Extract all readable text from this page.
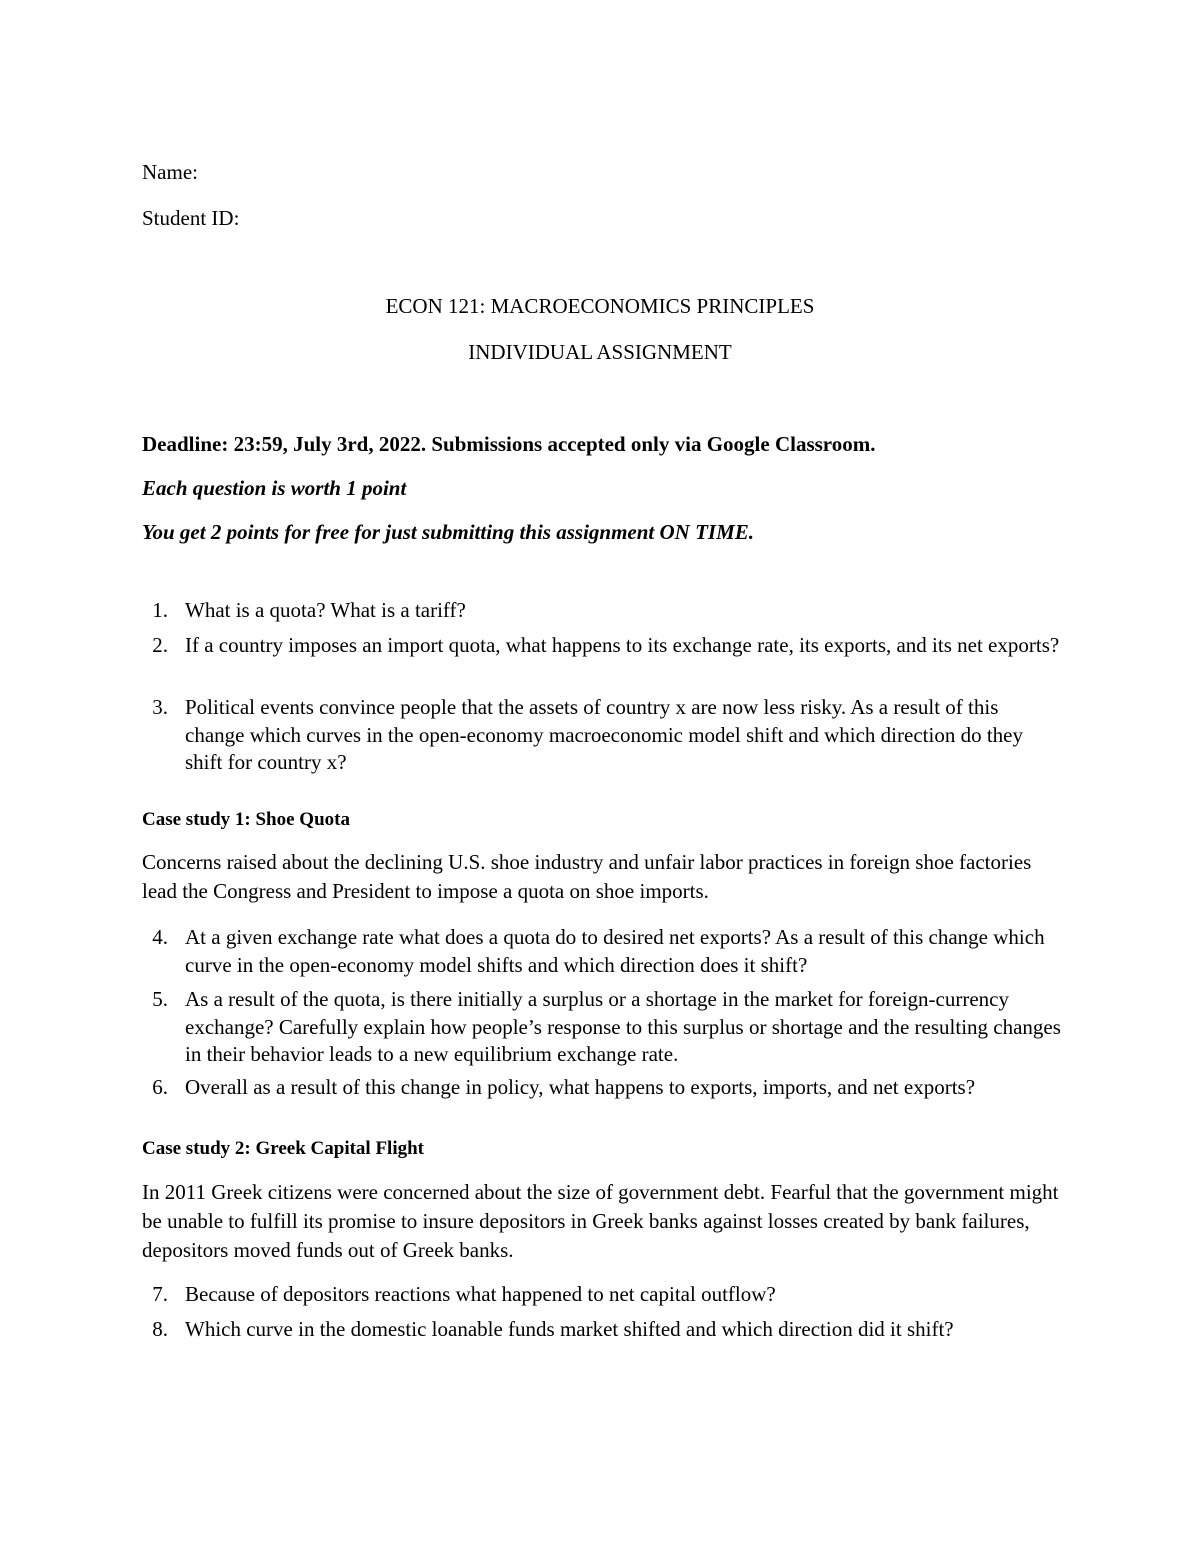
Name:
Student ID:
ECON 121: MACROECONOMICS PRINCIPLES
INDIVIDUAL ASSIGNMENT
Deadline: 23:59, July 3rd, 2022. Submissions accepted only via Google Classroom.
Each question is worth 1 point
You get 2 points for free for just submitting this assignment ON TIME.
1. What is a quota? What is a tariff?
2. If a country imposes an import quota, what happens to its exchange rate, its exports, and its net exports?
3. Political events convince people that the assets of country x are now less risky. As a result of this change which curves in the open-economy macroeconomic model shift and which direction do they shift for country x?
Case study 1: Shoe Quota
Concerns raised about the declining U.S. shoe industry and unfair labor practices in foreign shoe factories lead the Congress and President to impose a quota on shoe imports.
4. At a given exchange rate what does a quota do to desired net exports? As a result of this change which curve in the open-economy model shifts and which direction does it shift?
5. As a result of the quota, is there initially a surplus or a shortage in the market for foreign-currency exchange? Carefully explain how people’s response to this surplus or shortage and the resulting changes in their behavior leads to a new equilibrium exchange rate.
6. Overall as a result of this change in policy, what happens to exports, imports, and net exports?
Case study 2: Greek Capital Flight
In 2011 Greek citizens were concerned about the size of government debt. Fearful that the government might be unable to fulfill its promise to insure depositors in Greek banks against losses created by bank failures, depositors moved funds out of Greek banks.
7. Because of depositors reactions what happened to net capital outflow?
8. Which curve in the domestic loanable funds market shifted and which direction did it shift?
